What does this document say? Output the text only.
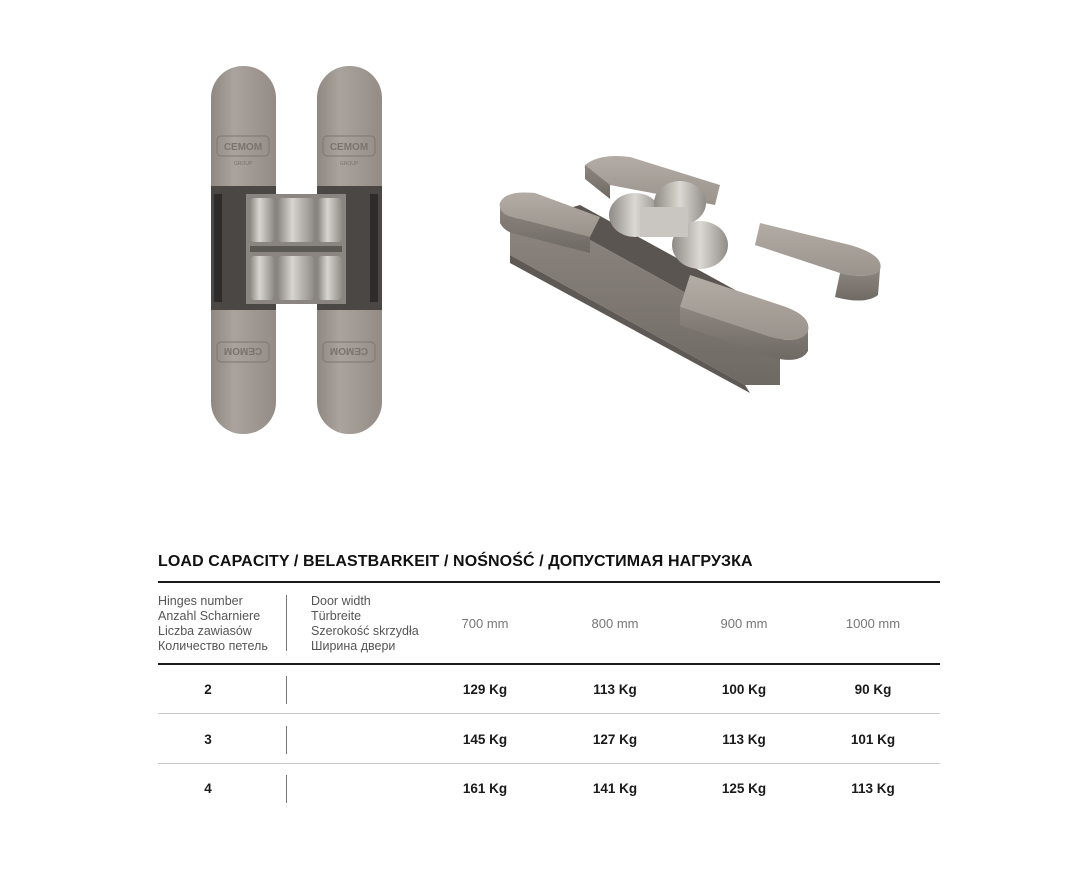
CEMOM	CEMOM
GROUP	GROUP
CEMOM	CEMOM
LOAD CAPACITY / BELASTBARKEIT / NOŚNOŚĆ / ДОПУСТИМАЯ НАГРУЗКА
Hinges number
Anzahl Scharniere
Liczba zawiasów
Количество петель
Door width
Türbreite
Szerokość skrzydła
Ширина двери
700 mm	800 mm	900 mm	1000 mm
2	129 Kg	113 Kg	100 Kg	90 Kg
3	145 Kg	127 Kg	113 Kg	101 Kg
4	161 Kg	141 Kg	125 Kg	113 Kg
